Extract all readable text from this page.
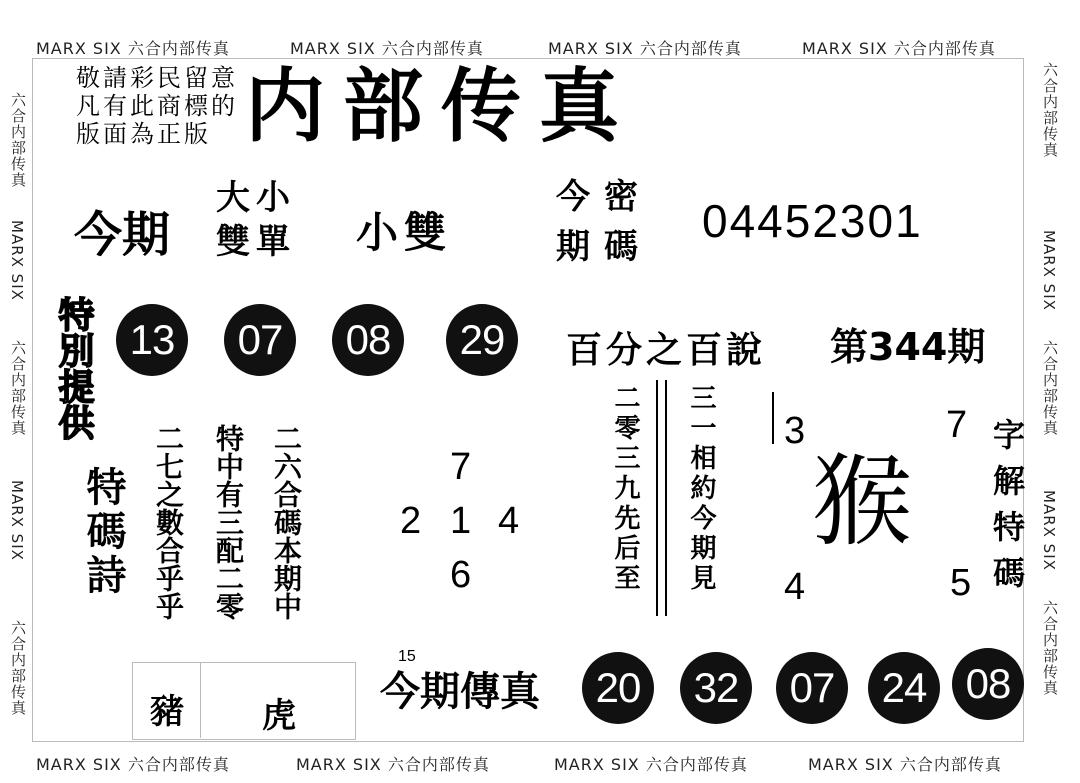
MARX SIX 六合内部传真	MARX SIX 六合内部传真	MARX SIX 六合内部传真	MARX SIX 六合内部传真
MARX SIX 六合内部传真	MARX SIX 六合内部传真	MARX SIX 六合内部传真	MARX SIX 六合内部传真
六合内部传真
MARX SIX
六合内部传真
MARX SIX
六合内部传真
六合内部传真
MARX SIX
六合内部传真
MARX SIX
六合内部传真
敬請彩民留意
凡有此商標的
版面為正版 内部传真
今期
大小
雙單 小雙
今密
期碼 04452301
特別提供 13	07	08	29	百分之百說 第344期
特碼詩	二六合碼本期中
特中有三配二零
二七之數合乎乎	7
2 1 4
6	二零三九先后至 三一相約今期見 3	7
猴
4	5 字解特碼
豬 虎
15
今期傳真	20	32	07	24 08
